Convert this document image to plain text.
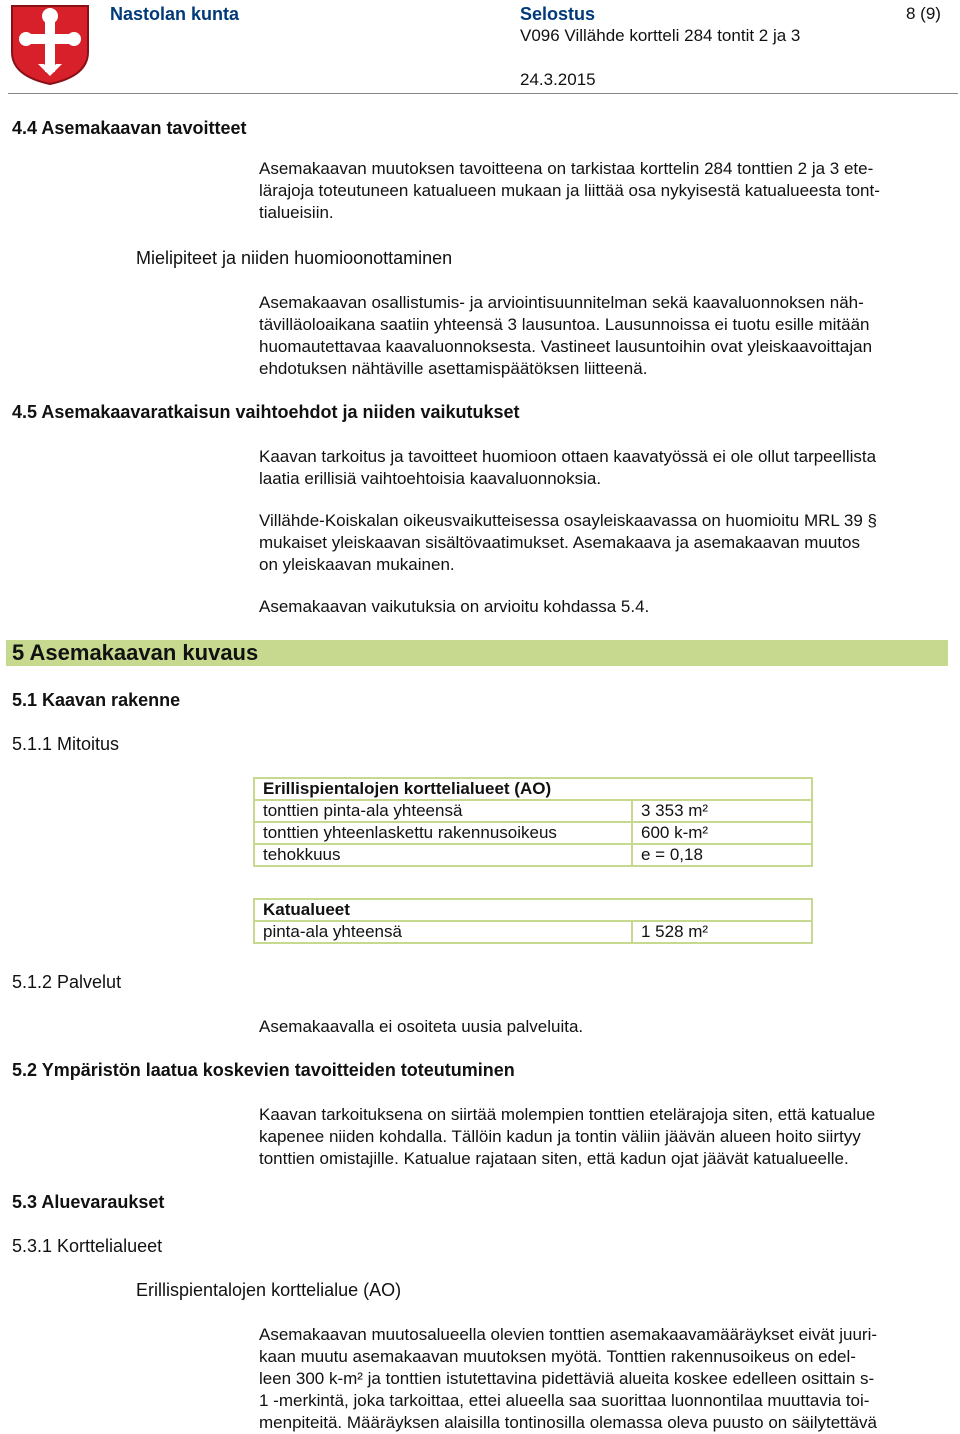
Nastolan kunta	Selostus
V096 Villähde kortteli 284 tontit 2 ja 3
8 (9)
24.3.2015
4.4 Asemakaavan tavoitteet
Asemakaavan muutoksen tavoitteena on tarkistaa korttelin 284 tonttien 2 ja 3 ete-
lärajoja toteutuneen katualueen mukaan ja liittää osa nykyisestä katualueesta tont-
tialueisiin.
Mielipiteet ja niiden huomioonottaminen
Asemakaavan osallistumis- ja arviointisuunnitelman sekä kaavaluonnoksen näh-
tävilläoloaikana saatiin yhteensä 3 lausuntoa. Lausunnoissa ei tuotu esille mitään
huomautettavaa kaavaluonnoksesta. Vastineet lausuntoihin ovat yleiskaavoittajan
ehdotuksen nähtäville asettamispäätöksen liitteenä.
4.5 Asemakaavaratkaisun vaihtoehdot ja niiden vaikutukset
Kaavan tarkoitus ja tavoitteet huomioon ottaen kaavatyössä ei ole ollut tarpeellista
laatia erillisiä vaihtoehtoisia kaavaluonnoksia.
Villähde-Koiskalan oikeusvaikutteisessa osayleiskaavassa on huomioitu MRL 39 §
mukaiset yleiskaavan sisältövaatimukset. Asemakaava ja asemakaavan muutos
on yleiskaavan mukainen.
Asemakaavan vaikutuksia on arvioitu kohdassa 5.4.
5 Asemakaavan kuvaus
5.1 Kaavan rakenne
5.1.1 Mitoitus
Erillispientalojen korttelialueet (AO)	
tonttien pinta-ala yhteensä	3 353 m²
tonttien yhteenlaskettu rakennusoikeus	600 k-m²
tehokkuus	e = 0,18
Katualueet
pinta-ala yhteensä	1 528 m²
5.1.2 Palvelut
Asemakaavalla ei osoiteta uusia palveluita.
5.2 Ympäristön laatua koskevien tavoitteiden toteutuminen
Kaavan tarkoituksena on siirtää molempien tonttien etelärajoja siten, että katualue
kapenee niiden kohdalla. Tällöin kadun ja tontin väliin jäävän alueen hoito siirtyy
tonttien omistajille. Katualue rajataan siten, että kadun ojat jäävät katualueelle.
5.3 Aluevaraukset
5.3.1 Korttelialueet
Erillispientalojen korttelialue (AO)
Asemakaavan muutosalueella olevien tonttien asemakaavamääräykset eivät juuri-
kaan muutu asemakaavan muutoksen myötä. Tonttien rakennusoikeus on edel-
leen 300 k-m² ja tonttien istutettavina pidettäviä alueita koskee edelleen osittain s-
1 -merkintä, joka tarkoittaa, ettei alueella saa suorittaa luonnontilaa muuttavia toi-
menpiteitä. Määräyksen alaisilla tontinosilla olemassa oleva puusto on säilytettävä
